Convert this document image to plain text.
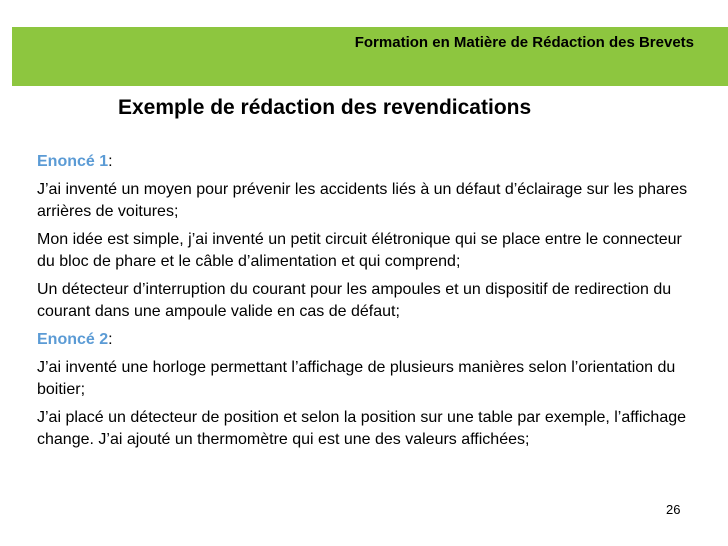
Formation en Matière de Rédaction des Brevets
Exemple de rédaction des revendications

Enoncé 1:

J’ai inventé un moyen pour prévenir les accidents liés à un défaut d’éclairage sur les phares arrières de voitures;

Mon idée est simple, j’ai inventé un petit circuit élétronique qui se place entre le connecteur du bloc de phare et le câble d’alimentation et qui comprend;

Un détecteur d’interruption du courant pour les ampoules et un dispositif de redirection du courant dans une ampoule valide en cas de défaut;

Enoncé 2:

J’ai inventé une horloge permettant l’affichage de plusieurs manières selon l’orientation du boitier;

J’ai placé un détecteur de position et selon la position sur une table par exemple, l’affichage change. J’ai ajouté un thermomètre qui est une des valeurs affichées;

26
